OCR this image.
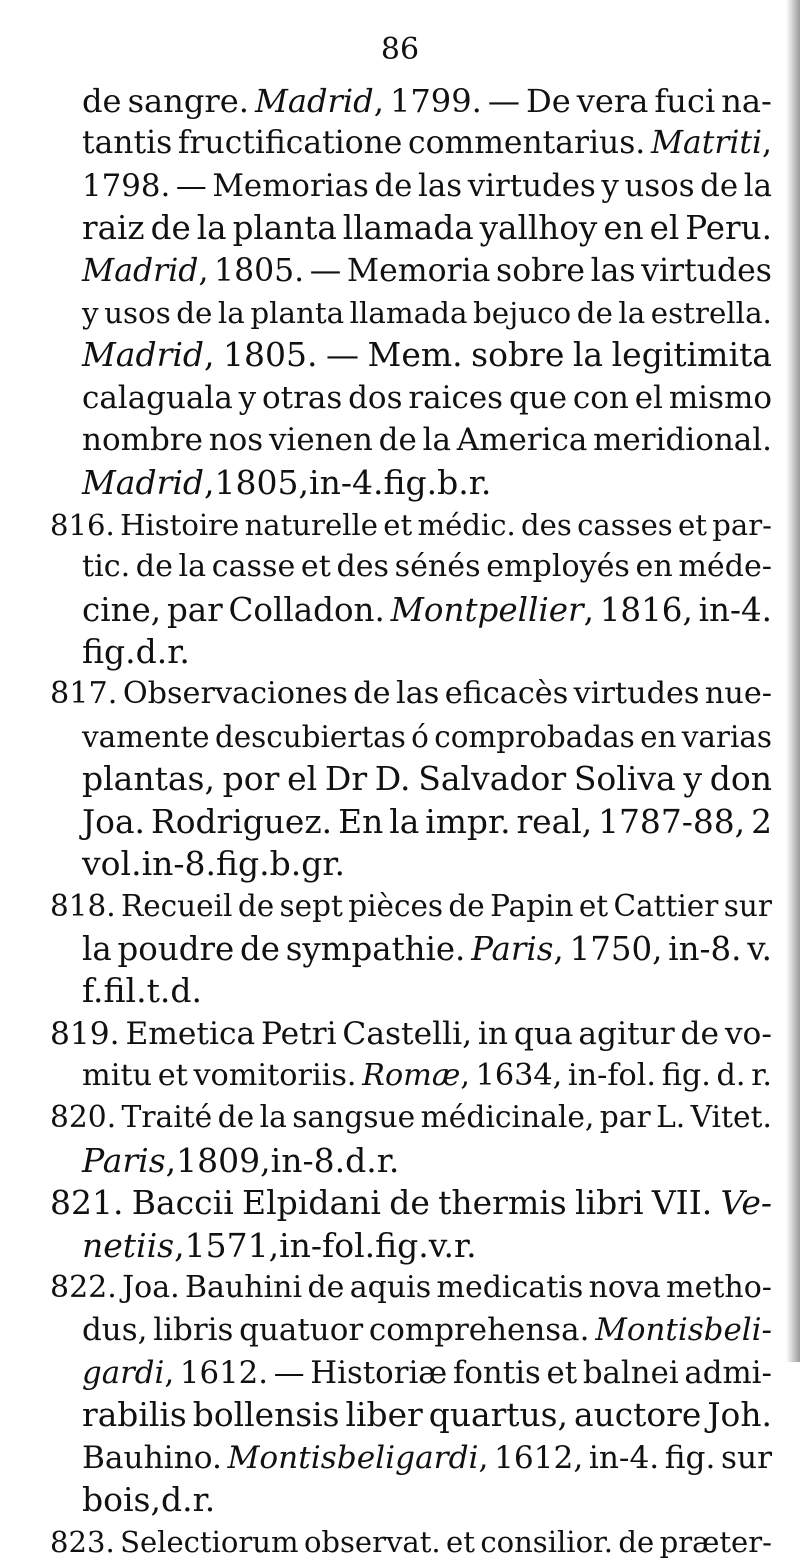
86
de sangre. Madrid, 1799. — De vera fuci na-
tantis fructificatione commentarius. Matriti,
1798. — Memorias de las virtudes y usos de la
raiz de la planta llamada yallhoy en el Peru.
Madrid, 1805. — Memoria sobre las virtudes
y usos de la planta llamada bejuco de la estrella.
Madrid, 1805. — Mem. sobre la legitimita
calaguala y otras dos raices que con el mismo
nombre nos vienen de la America meridional.
Madrid, 1805, in-4. fig. b. r.
816. Histoire naturelle et médic. des casses et par-
tic. de la casse et des sénés employés en méde-
cine, par Colladon. Montpellier, 1816, in-4.
fig. d. r.
817. Observaciones de las eficacès virtudes nue-
vamente descubiertas ó comprobadas en varias
plantas, por el Dr D. Salvador Soliva y don
Joa. Rodriguez. En la impr. real, 1787-88, 2
vol. in-8. fig. b. gr.
818. Recueil de sept pièces de Papin et Cattier sur
la poudre de sympathie. Paris, 1750, in-8. v.
f. fil. t. d.
819. Emetica Petri Castelli, in qua agitur de vo-
mitu et vomitoriis. Romæ, 1634, in-fol. fig. d. r.
820. Traité de la sangsue médicinale, par L. Vitet.
Paris, 1809, in-8. d. r.
821. Baccii Elpidani de thermis libri VII. Ve-
netiis, 1571, in-fol. fig. v. r.
822. Joa. Bauhini de aquis medicatis nova metho-
dus, libris quatuor comprehensa. Montisbeli-
gardi, 1612. — Historiæ fontis et balnei admi-
rabilis bollensis liber quartus, auctore Joh.
Bauhino. Montisbeligardi, 1612, in-4. fig. sur
bois, d. r.
823. Selectiorum observat. et consilior. de præter-
